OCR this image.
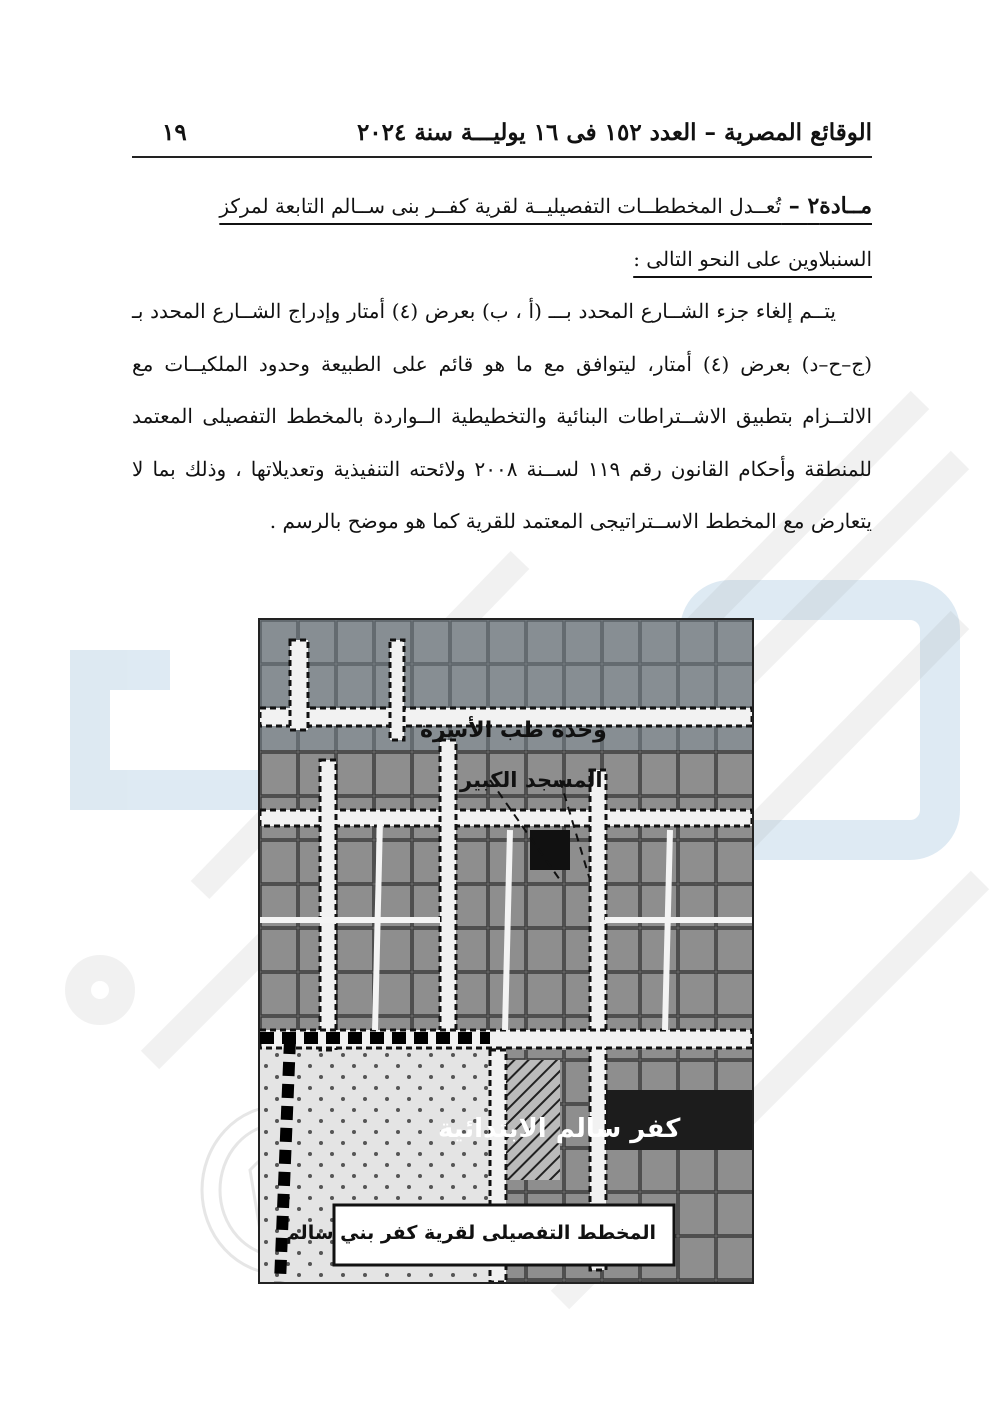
الوقائع المصرية – العدد ١٥٢ فى ١٦ يوليـــة سنة ٢٠٢٤
١٩
مــادة٢ – تُعــدل المخططــات التفصيليــة لقرية كفــر بنى ســالم التابعة لمركز
السنبلاوين على النحو التالى :
يتــم إلغاء جزء الشــارع المحدد بـــ (أ ، ب) بعرض (٤) أمتار وإدراج الشــارع المحدد بـ (ج–ح–د) بعرض (٤) أمتار، ليتوافق مع ما هو قائم على الطبيعة وحدود الملكيــات مع الالتــزام بتطبيق الاشــتراطات البنائية والتخطيطية الــواردة بالمخطط التفصيلى المعتمد للمنطقة وأحكام القانون رقم ١١٩ لســنة ٢٠٠٨ ولائحته التنفيذية وتعديلاتها ، وذلك بما لا يتعارض مع المخطط الاســتراتيجى المعتمد للقرية كما هو موضح بالرسم .
وحدة طب الأسرة
المسجد الكبير
كفر سالم الابتدائية
المخطط التفصيلى لقرية كفر بني سالم
